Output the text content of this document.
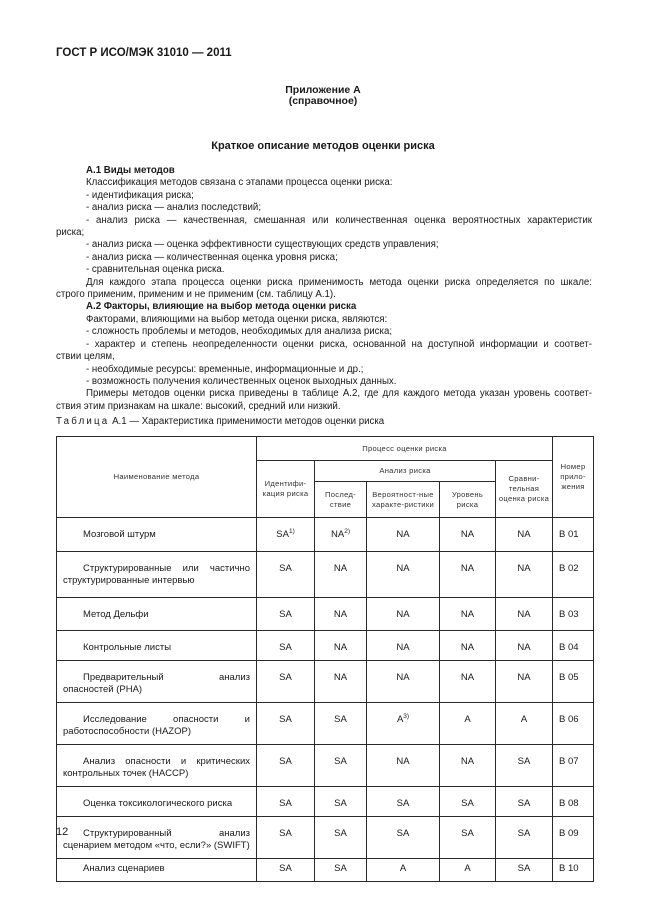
ГОСТ Р ИСО/МЭК 31010 — 2011
Приложение А
(справочное)
Краткое описание методов оценки риска

А.1 Виды методов

Классификация методов связана с этапами процесса оценки риска:

- идентификация риска;

- анализ риска — анализ последствий;

- анализ риска — качественная, смешанная или количественная оценка вероятностных характеристик

риска;

- анализ риска — оценка эффективности существующих средств управления;

- анализ риска — количественная оценка уровня риска;

- сравнительная оценка риска.

Для каждого этапа процесса оценки риска применимость метода оценки риска определяется по шкале:

строго применим, применим и не применим (см. таблицу А.1).

А.2 Факторы, влияющие на выбор метода оценки риска

Факторами, влияющими на выбор метода оценки риска, являются:

- сложность проблемы и методов, необходимых для анализа риска;

- характер и степень неопределенности оценки риска, основанной на доступной информации и соответ-

ствии целям,

- необходимые ресурсы: временные, информационные и др.;

- возможность получения количественных оценок выходных данных.

Примеры методов оценки риска приведены в таблице А.2, где для каждого метода указан уровень соответ-

ствия этим признакам на шкале: высокий, средний или низкий.

Таблица А.1 — Характеристика применимости методов оценки риска
Наименование метода	Процесс оценки риска					Номер прило-жения
	Идентифи-кация риска	Анализ риска			Сравни-тельная оценка риска	
		Послед-ствие	Вероятност-ные характе-ристики	Уровень риска		

Мозговой штурм	SA$^{1)}$	NA$^{2)}$	NA	NA	NA	B 01

Структурированные или частично структурированные интервью	SA	NA	NA	NA	NA	B 02

Метод Дельфи	SA	NA	NA	NA	NA	B 03

Контрольные листы	SA	NA	NA	NA	NA	B 04

Предварительный анализ опасностей (PHA)	SA	NA	NA	NA	NA	B 05

Исследование опасности и работоспособности (HAZOP)	SA	SA	$A^{3)}$	A	A	B 06

Анализ опасности и критических контрольных точек (HACCP)	SA	SA	NA	NA	SA	B 07

Оценка токсикологического риска	SA	SA	SA	SA	SA	B 08

Структурированный анализ сценарием методом «что, если?» (SWIFT)	SA	SA	SA	SA	SA	B 09

Анализ сценариев	SA	SA	A	A	SA	B 10
12
